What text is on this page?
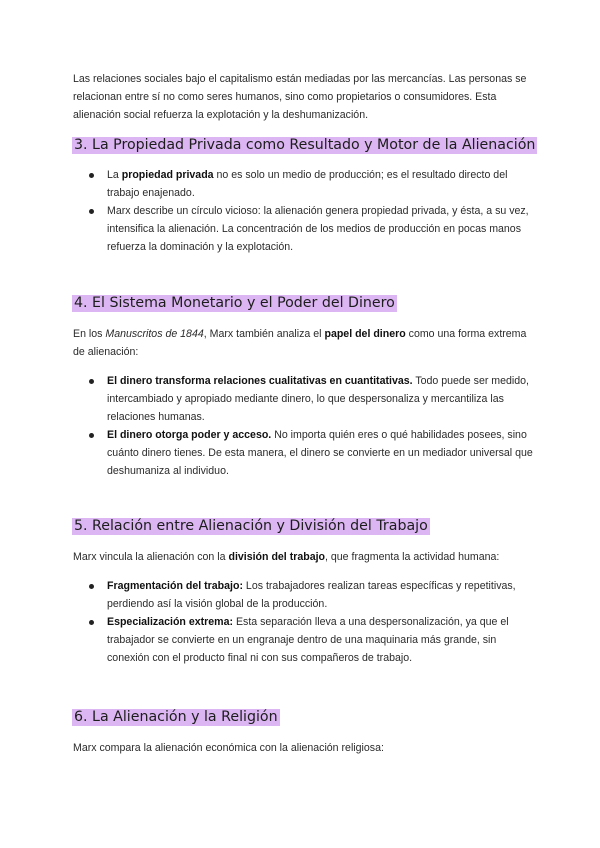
Las relaciones sociales bajo el capitalismo están mediadas por las mercancías. Las personas se relacionan entre sí no como seres humanos, sino como propietarios o consumidores. Esta alienación social refuerza la explotación y la deshumanización.

3. La Propiedad Privada como Resultado y Motor de la Alienación
La propiedad privada no es solo un medio de producción; es el resultado directo del trabajo enajenado.
Marx describe un círculo vicioso: la alienación genera propiedad privada, y ésta, a su vez, intensifica la alienación. La concentración de los medios de producción en pocas manos refuerza la dominación y la explotación.
4. El Sistema Monetario y el Poder del Dinero

En los Manuscritos de 1844, Marx también analiza el papel del dinero como una forma extrema de alienación:

El dinero transforma relaciones cualitativas en cuantitativas. Todo puede ser medido, intercambiado y apropiado mediante dinero, lo que despersonaliza y mercantiliza las relaciones humanas.
El dinero otorga poder y acceso. No importa quién eres o qué habilidades posees, sino cuánto dinero tienes. De esta manera, el dinero se convierte en un mediador universal que deshumaniza al individuo.
5. Relación entre Alienación y División del Trabajo

Marx vincula la alienación con la división del trabajo, que fragmenta la actividad humana:

Fragmentación del trabajo: Los trabajadores realizan tareas específicas y repetitivas, perdiendo así la visión global de la producción.
Especialización extrema: Esta separación lleva a una despersonalización, ya que el trabajador se convierte en un engranaje dentro de una maquinaria más grande, sin conexión con el producto final ni con sus compañeros de trabajo.
6. La Alienación y la Religión

Marx compara la alienación económica con la alienación religiosa:
